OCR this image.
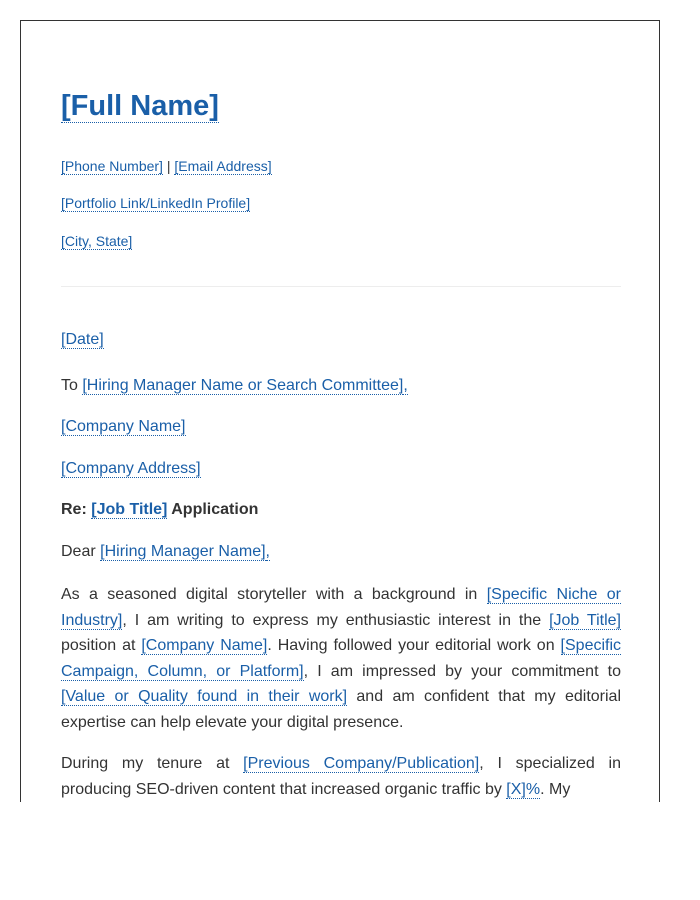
[Full Name]
[Phone Number] | [Email Address]
[Portfolio Link/LinkedIn Profile]
[City, State]
[Date]
To [Hiring Manager Name or Search Committee],
[Company Name]
[Company Address]
Re: [Job Title] Application
Dear [Hiring Manager Name],

As a seasoned digital storyteller with a background in [Specific Niche or Industry], I am writing to express my enthusiastic interest in the [Job Title] position at [Company Name]. Having followed your editorial work on [Specific Campaign, Column, or Platform], I am impressed by your commitment to [Value or Quality found in their work] and am confident that my editorial expertise can help elevate your digital presence.

During my tenure at [Previous Company/Publication], I specialized in producing SEO-driven content that increased organic traffic by [X]%. My
